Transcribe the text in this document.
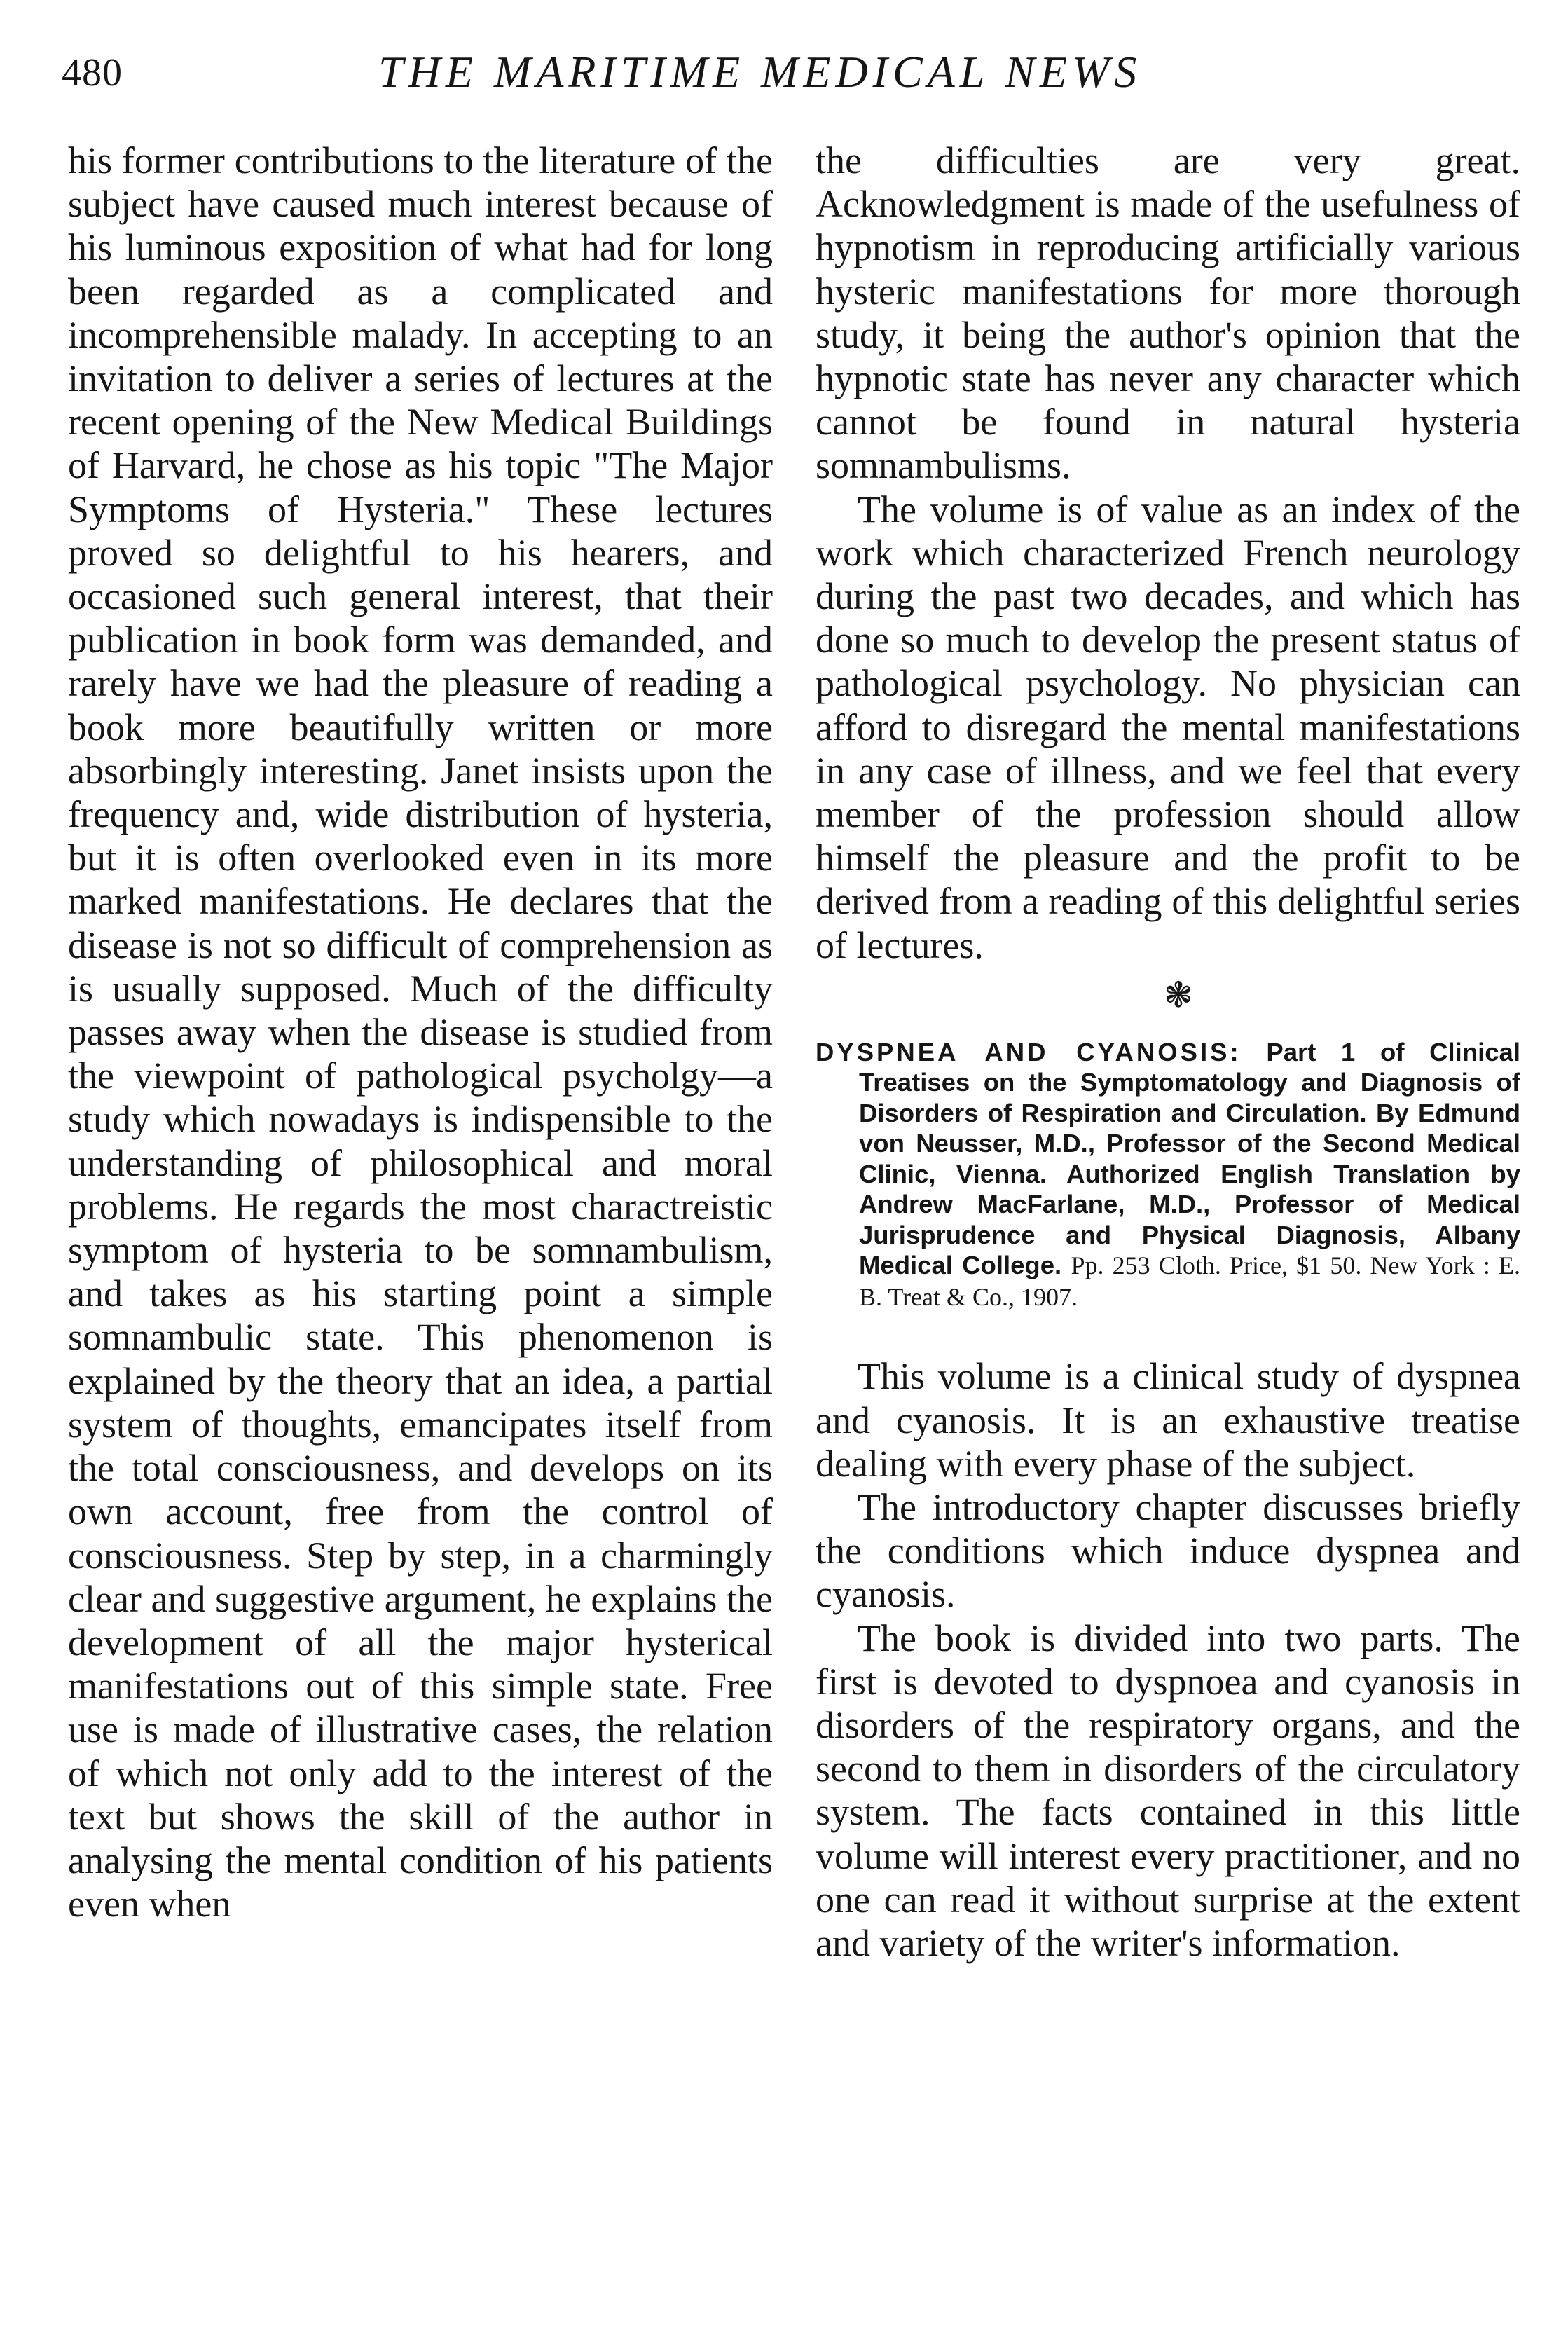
480	THE MARITIME MEDICAL NEWS

his former contributions to the literature of the subject have caused much interest because of his luminous exposition of what had for long been regarded as a complicated and incomprehensible malady. In accepting to an invitation to deliver a series of lectures at the recent opening of the New Medical Buildings of Harvard, he chose as his topic "The Major Symptoms of Hysteria." These lectures proved so delightful to his hearers, and occasioned such general interest, that their publication in book form was demanded, and rarely have we had the pleasure of reading a book more beautifully written or more absorbingly interesting. Janet insists upon the frequency and, wide distribution of hysteria, but it is often overlooked even in its more marked manifestations. He declares that the disease is not so difficult of comprehension as is usually supposed. Much of the difficulty passes away when the disease is studied from the viewpoint of pathological psycholgy—a study which nowadays is indispensible to the understanding of philosophical and moral problems. He regards the most charactreistic symptom of hysteria to be somnambulism, and takes as his starting point a simple somnambulic state. This phenomenon is explained by the theory that an idea, a partial system of thoughts, emancipates itself from the total consciousness, and develops on its own account, free from the control of consciousness. Step by step, in a charmingly clear and suggestive argument, he explains the development of all the major hysterical manifestations out of this simple state. Free use is made of illustrative cases, the relation of which not only add to the interest of the text but shows the skill of the author in analysing the mental condition of his patients even when

the difficulties are very great. Acknowledgment is made of the usefulness of hypnotism in reproducing artificially various hysteric manifestations for more thorough study, it being the author's opinion that the hypnotic state has never any character which cannot be found in natural hysteria somnambulisms.

The volume is of value as an index of the work which characterized French neurology during the past two decades, and which has done so much to develop the present status of pathological psychology. No physician can afford to disregard the mental manifestations in any case of illness, and we feel that every member of the profession should allow himself the pleasure and the profit to be derived from a reading of this delightful series of lectures.

❃

DYSPNEA AND CYANOSIS: Part 1 of Clinical Treatises on the Symptomatology and Diagnosis of Disorders of Respiration and Circulation. By Edmund von Neusser, M.D., Professor of the Second Medical Clinic, Vienna. Authorized English Translation by Andrew MacFarlane, M.D., Professor of Medical Jurisprudence and Physical Diagnosis, Albany Medical College. Pp. 253 Cloth. Price, $1 50. New York : E. B. Treat & Co., 1907.

This volume is a clinical study of dyspnea and cyanosis. It is an exhaustive treatise dealing with every phase of the subject.

The introductory chapter discusses briefly the conditions which induce dyspnea and cyanosis.

The book is divided into two parts. The first is devoted to dyspnoea and cyanosis in disorders of the respiratory organs, and the second to them in disorders of the circulatory system. The facts contained in this little volume will interest every practitioner, and no one can read it without surprise at the extent and variety of the writer's information.
